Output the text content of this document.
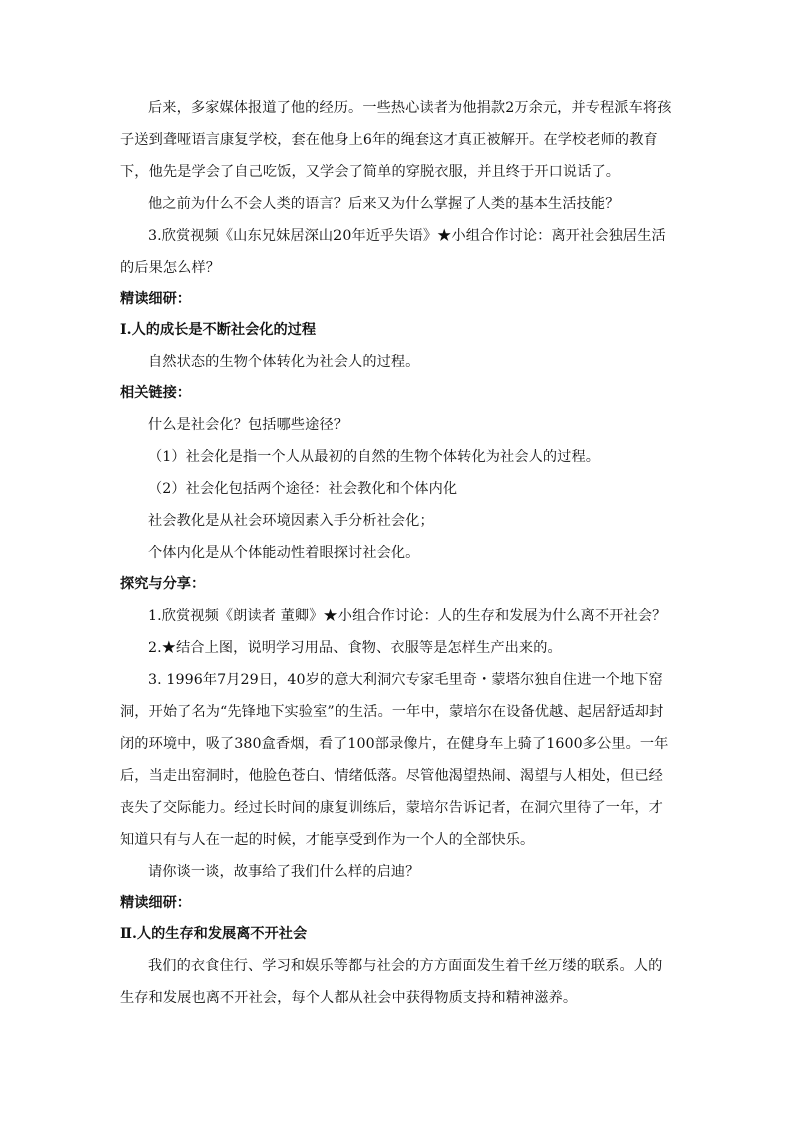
后来，多家媒体报道了他的经历。一些热心读者为他捐款2万余元，并专程派车将孩子送到聋哑语言康复学校，套在他身上6年的绳套这才真正被解开。在学校老师的教育下，他先是学会了自己吃饭，又学会了简单的穿脱衣服，并且终于开口说话了。

他之前为什么不会人类的语言？后来又为什么掌握了人类的基本生活技能？

3.欣赏视频《山东兄妹居深山20年近乎失语》★小组合作讨论：离开社会独居生活的后果怎么样？

精读细研：

Ⅰ.人的成长是不断社会化的过程

自然状态的生物个体转化为社会人的过程。

相关链接：

什么是社会化？包括哪些途径？

（1）社会化是指一个人从最初的自然的生物个体转化为社会人的过程。

（2）社会化包括两个途径：社会教化和个体内化

社会教化是从社会环境因素入手分析社会化；

个体内化是从个体能动性着眼探讨社会化。

探究与分享：

1.欣赏视频《朗读者 董卿》★小组合作讨论：人的生存和发展为什么离不开社会？

2.★结合上图，说明学习用品、食物、衣服等是怎样生产出来的。

3. 1996年7月29日，40岁的意大利洞穴专家毛里奇・蒙塔尔独自住进一个地下窑洞，开始了名为“先锋地下实验室”的生活。一年中，蒙培尔在设备优越、起居舒适却封闭的环境中，吸了380盒香烟，看了100部录像片，在健身车上骑了1600多公里。一年后，当走出窑洞时，他脸色苍白、情绪低落。尽管他渴望热闹、渴望与人相处，但已经丧失了交际能力。经过长时间的康复训练后，蒙培尔告诉记者，在洞穴里待了一年，才知道只有与人在一起的时候，才能享受到作为一个人的全部快乐。

请你谈一谈，故事给了我们什么样的启迪？

精读细研：

Ⅱ.人的生存和发展离不开社会

我们的衣食住行、学习和娱乐等都与社会的方方面面发生着千丝万缕的联系。人的生存和发展也离不开社会，每个人都从社会中获得物质支持和精神滋养。
